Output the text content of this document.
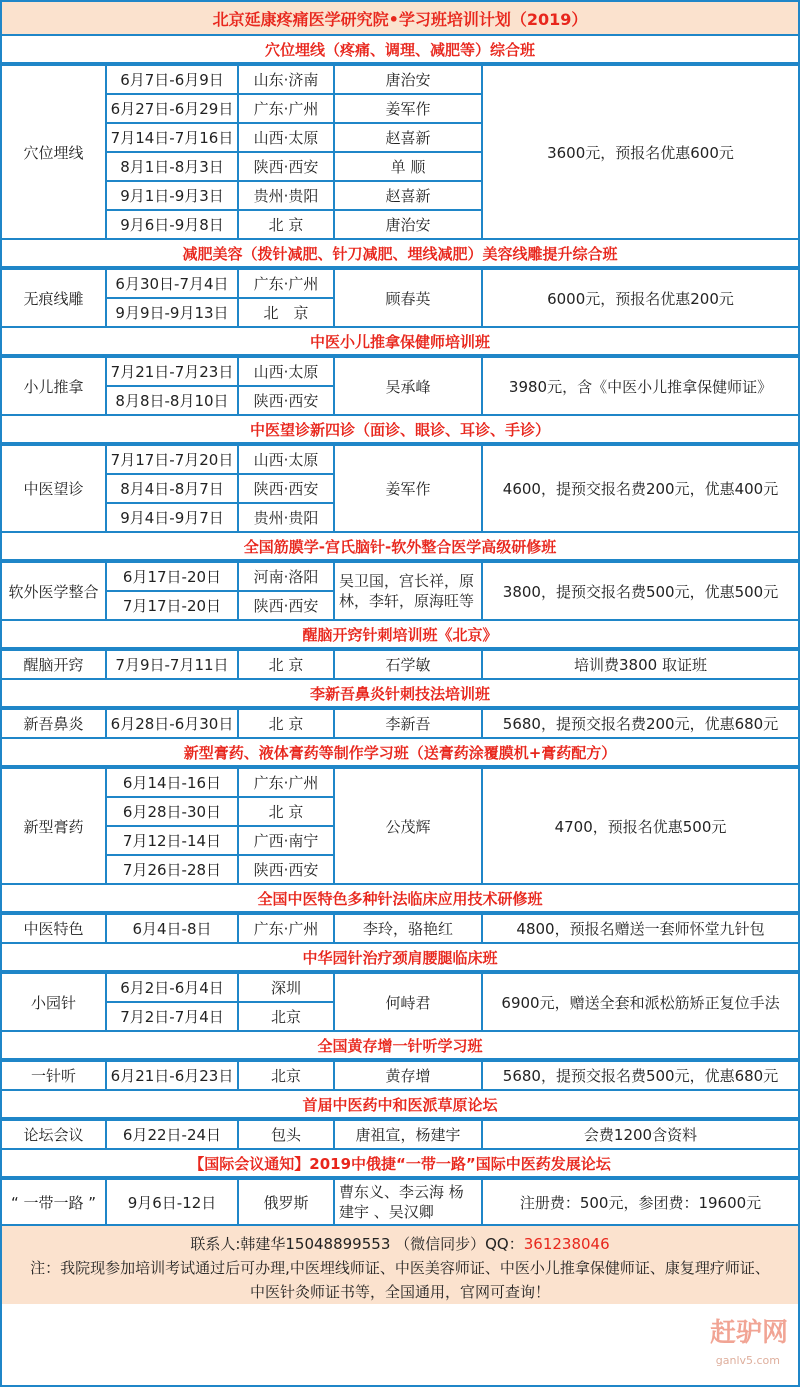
北京延康疼痛医学研究院•学习班培训计划（2019）
穴位埋线（疼痛、调理、减肥等）综合班
穴位埋线	6月7日-6月9日	山东·济南	唐治安	3600元，预报名优惠600元
	6月27日-6月29日	广东·广州	姜军作	
	7月14日-7月16日	山西·太原	赵喜新	
	8月1日-8月3日	陕西·西安	单 顺	
	9月1日-9月3日	贵州·贵阳	赵喜新	
	9月6日-9月8日	北 京	唐治安	
减肥美容（拨针减肥、针刀减肥、埋线减肥）美容线雕提升综合班
无痕线雕	6月30日-7月4日	广东·广州	顾春英	6000元，预报名优惠200元
	9月9日-9月13日	北　京		
中医小儿推拿保健师培训班
小儿推拿	7月21日-7月23日	山西·太原	吴承峰	3980元，含《中医小儿推拿保健师证》
	8月8日-8月10日	陕西·西安		
中医望诊新四诊（面诊、眼诊、耳诊、手诊）
中医望诊	7月17日-7月20日	山西·太原	姜军作	4600，提预交报名费200元，优惠400元
	8月4日-8月7日	陕西·西安		
	9月4日-9月7日	贵州·贵阳		
全国筋膜学-宫氏脑针-软外整合医学高级研修班
软外医学整合	6月17日-20日	河南·洛阳	吴卫国，宫长祥，原林，李轩，原海旺等	3800，提预交报名费500元，优惠500元
	7月17日-20日	陕西·西安		
醒脑开窍针刺培训班《北京》
醒脑开窍	7月9日-7月11日	北 京	石学敏	培训费3800 取证班
李新吾鼻炎针刺技法培训班
新吾鼻炎	6月28日-6月30日	北 京	李新吾	5680，提预交报名费200元，优惠680元
新型膏药、液体膏药等制作学习班（送膏药涂覆膜机+膏药配方）
新型膏药	6月14日-16日	广东·广州	公茂辉	4700，预报名优惠500元
	6月28日-30日	北 京		
	7月12日-14日	广西·南宁		
	7月26日-28日	陕西·西安		
全国中医特色多种针法临床应用技术研修班
中医特色	6月4日-8日	广东·广州	李玲，骆艳红	4800，预报名赠送一套师怀堂九针包
中华园针治疗颈肩腰腿临床班
小园针	6月2日-6月4日	深圳	何峙君	6900元，赠送全套和派松筋矫正复位手法
	7月2日-7月4日	北京		
全国黄存增一针听学习班
一针听	6月21日-6月23日	北京	黄存增	5680，提预交报名费500元，优惠680元
首届中医药中和医派草原论坛
论坛会议	6月22日-24日	包头	唐祖宣，杨建宇	会费1200含资料
【国际会议通知】2019中俄捷“一带一路”国际中医药发展论坛
“ 一带一路 ”	9月6日-12日	俄罗斯	曹东义、李云海 杨建宇 、吴汉卿	注册费：500元，参团费：19600元
联系人:韩建华15048899553 （微信同步）QQ：361238046
注：我院现参加培训考试通过后可办理,中医埋线师证、中医美容师证、中医小儿推拿保健师证、康复理疗师证、
中医针灸师证书等，全国通用，官网可查询！
赶驴网
ganlv5.com
